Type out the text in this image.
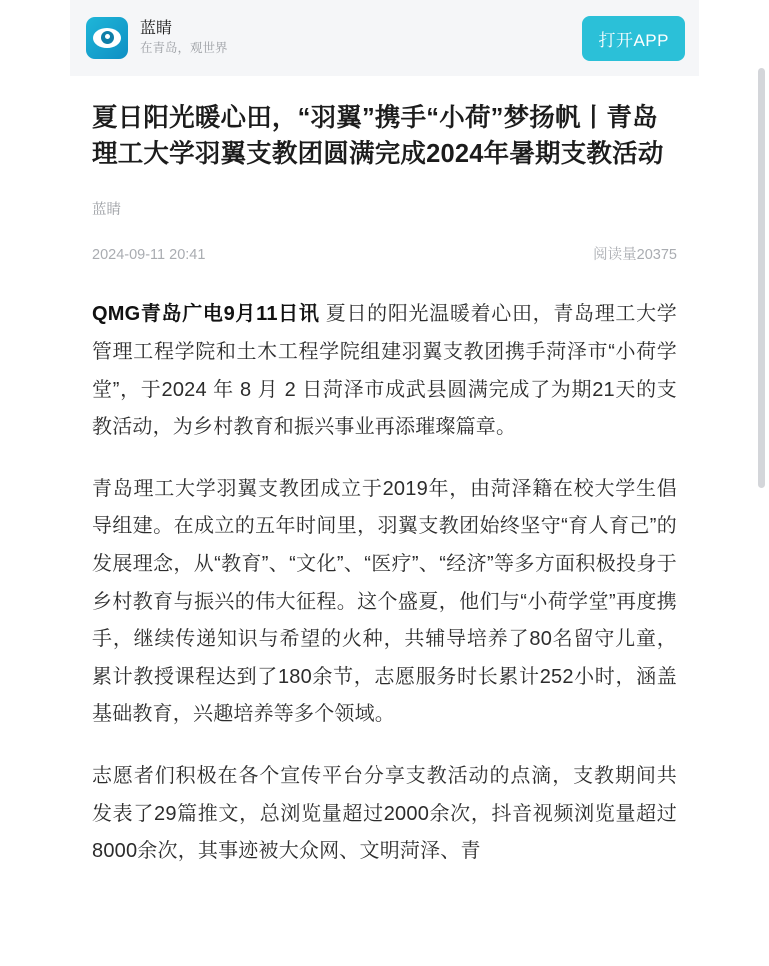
蓝睛
在青岛，观世界	打开APP
夏日阳光暖心田，“羽翼”携手“小荷”梦扬帆丨青岛理工大学羽翼支教团圆满完成2024年暑期支教活动
蓝睛
2024-09-11 20:41	阅读量20375

QMG青岛广电9月11日讯 夏日的阳光温暖着心田，青岛理工大学管理工程学院和土木工程学院组建羽翼支教团携手菏泽市“小荷学堂”，于2024 年 8 月 2 日菏泽市成武县圆满完成了为期21天的支教活动，为乡村教育和振兴事业再添璀璨篇章。

青岛理工大学羽翼支教团成立于2019年，由菏泽籍在校大学生倡导组建。在成立的五年时间里，羽翼支教团始终坚守“育人育己”的发展理念，从“教育”、“文化”、“医疗”、“经济”等多方面积极投身于乡村教育与振兴的伟大征程。这个盛夏，他们与“小荷学堂”再度携手，继续传递知识与希望的火种，共辅导培养了80名留守儿童，累计教授课程达到了180余节，志愿服务时长累计252小时，涵盖基础教育，兴趣培养等多个领域。

志愿者们积极在各个宣传平台分享支教活动的点滴，支教期间共发表了29篇推文，总浏览量超过2000余次，抖音视频浏览量超过8000余次，其事迹被大众网、文明菏泽、青
